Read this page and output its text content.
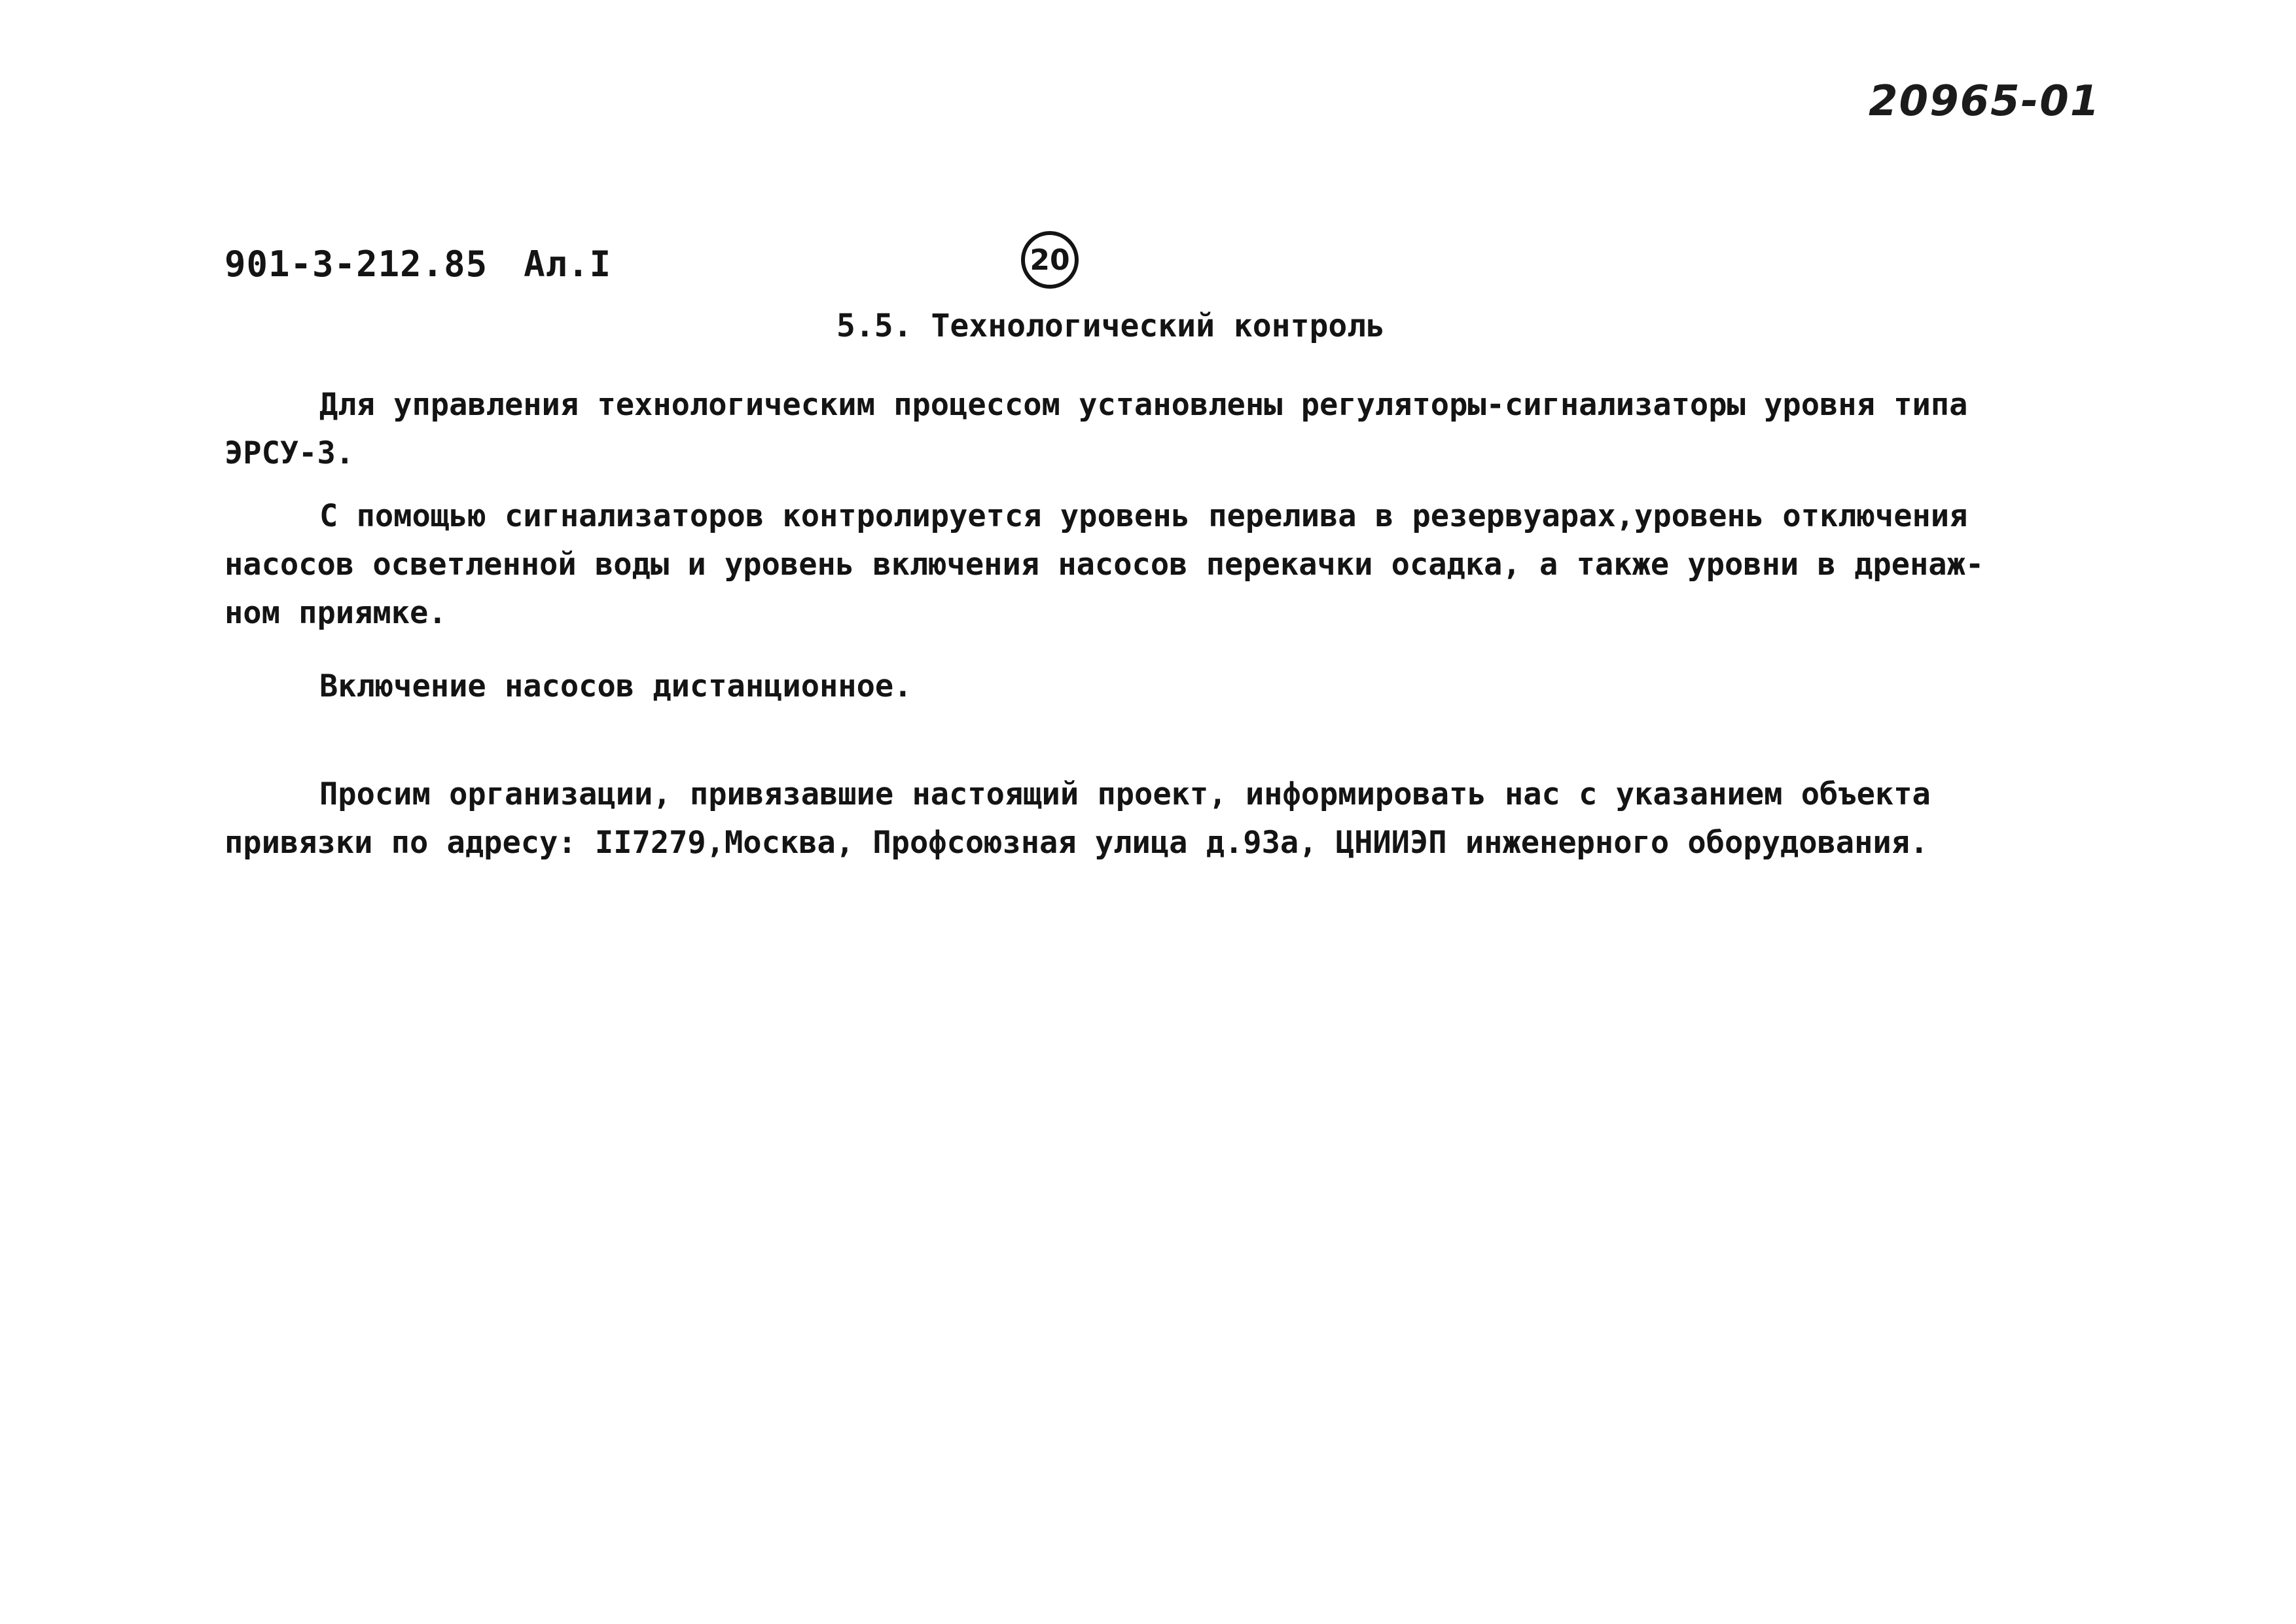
20965-01
901-3-212.85 Ал.I	20
5.5. Технологический контроль
Для управления технологическим процессом установлены регуляторы-сигнализаторы уровня типа
ЭРСУ-3.
С помощью сигнализаторов контролируется уровень перелива в резервуарах,уровень отключения
насосов осветленной воды и уровень включения насосов перекачки осадка, а также уровни в дренаж-
ном приямке.
Включение насосов дистанционное.
Просим организации, привязавшие настоящий проект, информировать нас с указанием объекта
привязки по адресу: II7279,Москва, Профсоюзная улица д.93а, ЦНИИЭП инженерного оборудования.
